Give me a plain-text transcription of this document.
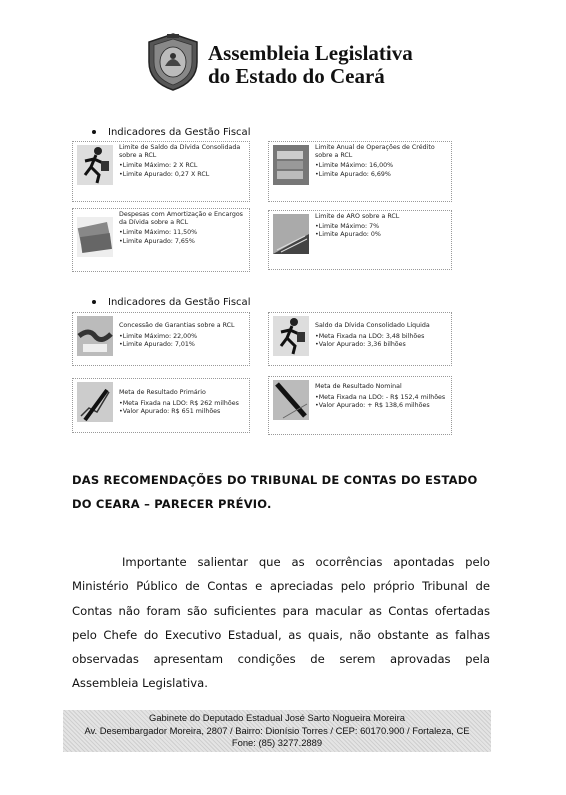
Assembleia Legislativa
do Estado do Ceará
Indicadores da Gestão Fiscal
Limite de Saldo da Dívida Consolidada sobre a RCL
•Limite Máximo: 2 X RCL
•Limite Apurado: 0,27 X RCL
Limite Anual de Operações de Crédito sobre a RCL
•Limite Máximo: 16,00%
•Limite Apurado: 6,69%
Despesas com Amortização e Encargos da Dívida sobre a RCL
•Limite Máximo: 11,50%
•Limite Apurado: 7,65%
Limite de ARO sobre a RCL
•Limite Máximo: 7%
•Limite Apurado: 0%
Indicadores da Gestão Fiscal
Concessão de Garantias sobre a RCL
•Limite Máximo: 22,00%
•Limite Apurado: 7,01%
Saldo da Dívida Consolidado Líquida
•Meta Fixada na LDO: 3,48 bilhões
•Valor Apurado: 3,36 bilhões
Meta de Resultado Primário
•Meta Fixada na LDO: R$ 262 milhões
•Valor Apurado: R$ 651 milhões
Meta de Resultado Nominal
•Meta Fixada na LDO: - R$ 152,4 milhões
•Valor Apurado: + R$ 138,6 milhões
DAS RECOMENDAÇÕES DO TRIBUNAL DE CONTAS DO ESTADO DO CEARA – PARECER PRÉVIO.
Importante salientar que as ocorrências apontadas pelo Ministério Público de Contas e apreciadas pelo próprio Tribunal de Contas não foram são suficientes para macular as Contas ofertadas pelo Chefe do Executivo Estadual, as quais, não obstante as falhas observadas apresentam condições de serem aprovadas pela Assembleia Legislativa.
Gabinete do Deputado Estadual José Sarto Nogueira Moreira
Av. Desembargador Moreira, 2807 / Bairro: Dionísio Torres / CEP: 60170.900 / Fortaleza, CE
Fone: (85) 3277.2889
